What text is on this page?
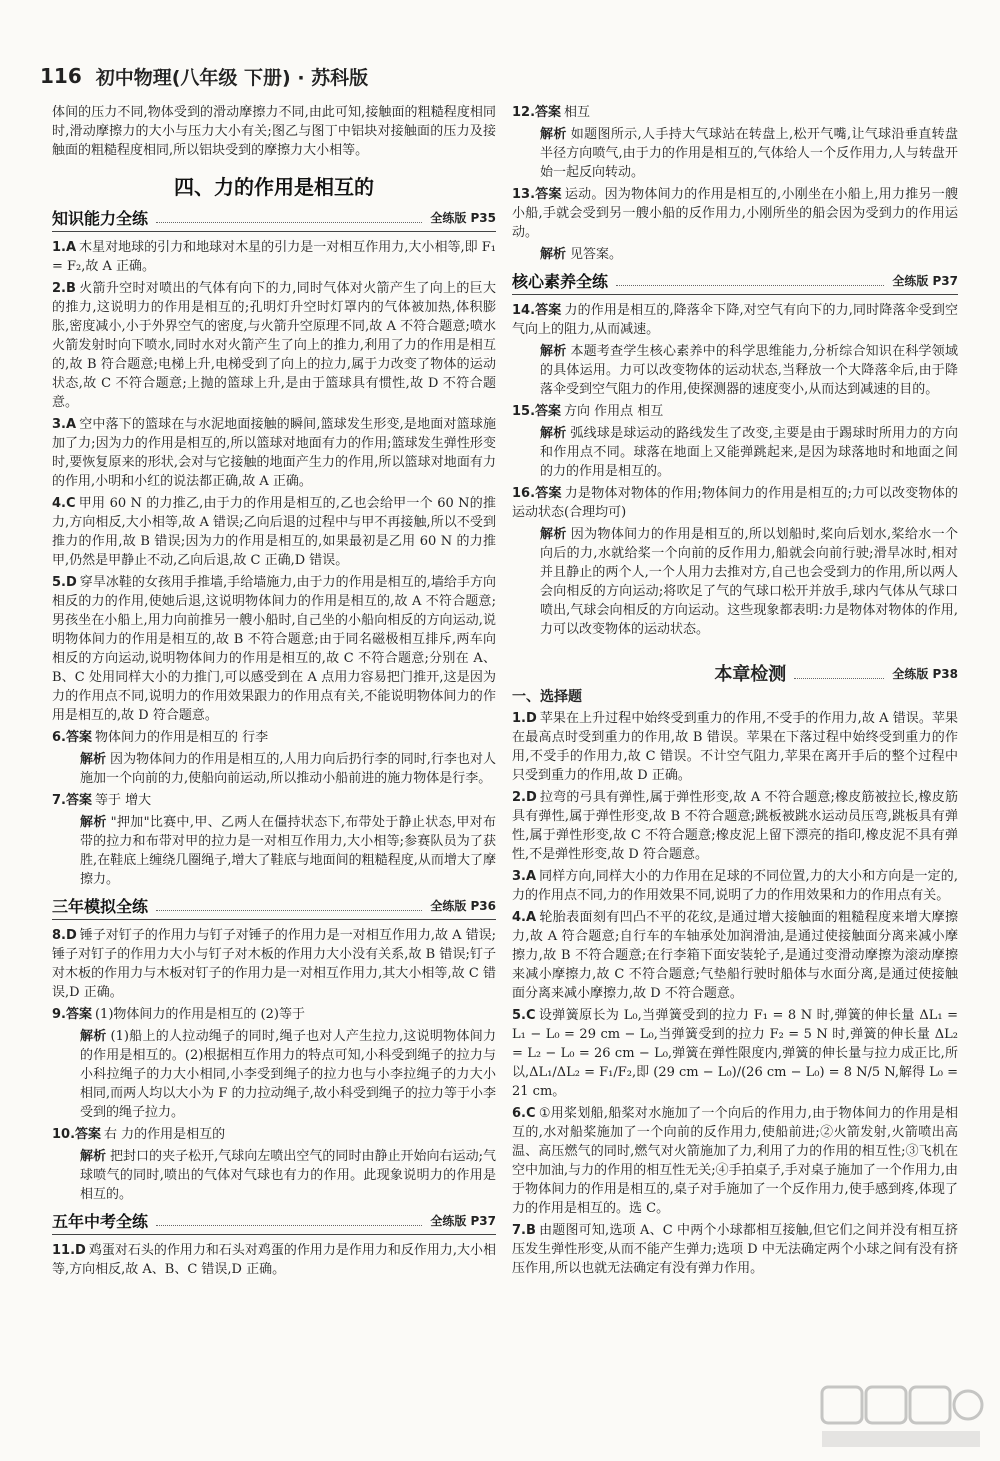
116 初中物理(八年级 下册) · 苏科版

体间的压力不同,物体受到的滑动摩擦力不同,由此可知,接触面的粗糙程度相同时,滑动摩擦力的大小与压力大小有关;图乙与图丁中铝块对接触面的压力及接触面的粗糙程度相同,所以铝块受到的摩擦力大小相等。

四、力的作用是相互的
知识能力全练	全练版 P35
1.A 木星对地球的引力和地球对木星的引力是一对相互作用力,大小相等,即 F₁ = F₂,故 A 正确。
2.B 火箭升空时对喷出的气体有向下的力,同时气体对火箭产生了向上的巨大的推力,这说明力的作用是相互的;孔明灯升空时灯罩内的气体被加热,体积膨胀,密度减小,小于外界空气的密度,与火箭升空原理不同,故 A 不符合题意;喷水火箭发射时向下喷水,同时水对火箭产生了向上的推力,利用了力的作用是相互的,故 B 符合题意;电梯上升,电梯受到了向上的拉力,属于力改变了物体的运动状态,故 C 不符合题意;上抛的篮球上升,是由于篮球具有惯性,故 D 不符合题意。
3.A 空中落下的篮球在与水泥地面接触的瞬间,篮球发生形变,是地面对篮球施加了力;因为力的作用是相互的,所以篮球对地面有力的作用;篮球发生弹性形变时,要恢复原来的形状,会对与它接触的地面产生力的作用,所以篮球对地面有力的作用,小明和小红的说法都正确,故 A 正确。
4.C 甲用 60 N 的力推乙,由于力的作用是相互的,乙也会给甲一个 60 N的推力,方向相反,大小相等,故 A 错误;乙向后退的过程中与甲不再接触,所以不受到推力的作用,故 B 错误;因为力的作用是相互的,如果最初是乙用 60 N 的力推甲,仍然是甲静止不动,乙向后退,故 C 正确,D 错误。
5.D 穿旱冰鞋的女孩用手推墙,手给墙施力,由于力的作用是相互的,墙给手方向相反的力的作用,使她后退,这说明物体间力的作用是相互的,故 A 不符合题意;男孩坐在小船上,用力向前推另一艘小船时,自己坐的小船向相反的方向运动,说明物体间力的作用是相互的,故 B 不符合题意;由于同名磁极相互排斥,两车向相反的方向运动,说明物体间力的作用是相互的,故 C 不符合题意;分别在 A、B、C 处用同样大小的力推门,可以感受到在 A 点用力容易把门推开,这是因为力的作用点不同,说明力的作用效果跟力的作用点有关,不能说明物体间力的作用是相互的,故 D 符合题意。
6.答案 物体间力的作用是相互的 行李
解析 因为物体间力的作用是相互的,人用力向后扔行李的同时,行李也对人施加一个向前的力,使船向前运动,所以推动小船前进的施力物体是行李。
7.答案 等于 增大
解析 "押加"比赛中,甲、乙两人在僵持状态下,布带处于静止状态,甲对布带的拉力和布带对甲的拉力是一对相互作用力,大小相等;参赛队员为了获胜,在鞋底上缠绕几圈绳子,增大了鞋底与地面间的粗糙程度,从而增大了摩擦力。
三年模拟全练	全练版 P36
8.D 锤子对钉子的作用力与钉子对锤子的作用力是一对相互作用力,故 A 错误;锤子对钉子的作用力大小与钉子对木板的作用力大小没有关系,故 B 错误;钉子对木板的作用力与木板对钉子的作用力是一对相互作用力,其大小相等,故 C 错误,D 正确。
9.答案 (1)物体间力的作用是相互的 (2)等于
解析 (1)船上的人拉动绳子的同时,绳子也对人产生拉力,这说明物体间力的作用是相互的。(2)根据相互作用力的特点可知,小科受到绳子的拉力与小科拉绳子的力大小相同,小李受到绳子的拉力也与小李拉绳子的力大小相同,而两人均以大小为 F 的力拉动绳子,故小科受到绳子的拉力等于小李受到的绳子拉力。
10.答案 右 力的作用是相互的
解析 把封口的夹子松开,气球向左喷出空气的同时由静止开始向右运动;气球喷气的同时,喷出的气体对气球也有力的作用。此现象说明力的作用是相互的。
五年中考全练	全练版 P37
11.D 鸡蛋对石头的作用力和石头对鸡蛋的作用力是作用力和反作用力,大小相等,方向相反,故 A、B、C 错误,D 正确。
12.答案 相互
解析 如题图所示,人手持大气球站在转盘上,松开气嘴,让气球沿垂直转盘半径方向喷气,由于力的作用是相互的,气体给人一个反作用力,人与转盘开始一起反向转动。
13.答案 运动。因为物体间力的作用是相互的,小刚坐在小船上,用力推另一艘小船,手就会受到另一艘小船的反作用力,小刚所坐的船会因为受到力的作用运动。
解析 见答案。
核心素养全练	全练版 P37
14.答案 力的作用是相互的,降落伞下降,对空气有向下的力,同时降落伞受到空气向上的阻力,从而减速。
解析 本题考查学生核心素养中的科学思维能力,分析综合知识在科学领域的具体运用。力可以改变物体的运动状态,当释放一个大降落伞后,由于降落伞受到空气阻力的作用,使探测器的速度变小,从而达到减速的目的。
15.答案 方向 作用点 相互
解析 弧线球是球运动的路线发生了改变,主要是由于踢球时所用力的方向和作用点不同。球落在地面上又能弹跳起来,是因为球落地时和地面之间的力的作用是相互的。
16.答案 力是物体对物体的作用;物体间力的作用是相互的;力可以改变物体的运动状态(合理均可)
解析 因为物体间力的作用是相互的,所以划船时,桨向后划水,桨给水一个向后的力,水就给桨一个向前的反作用力,船就会向前行驶;滑旱冰时,相对并且静止的两个人,一个人用力去推对方,自己也会受到力的作用,所以两人会向相反的方向运动;将吹足了气的气球口松开并放手,球内气体从气球口喷出,气球会向相反的方向运动。这些现象都表明:力是物体对物体的作用,力可以改变物体的运动状态。
本章检测	全练版 P38
一、选择题
1.D 苹果在上升过程中始终受到重力的作用,不受手的作用力,故 A 错误。苹果在最高点时受到重力的作用,故 B 错误。苹果在下落过程中始终受到重力的作用,不受手的作用力,故 C 错误。不计空气阻力,苹果在离开手后的整个过程中只受到重力的作用,故 D 正确。
2.D 拉弯的弓具有弹性,属于弹性形变,故 A 不符合题意;橡皮筋被拉长,橡皮筋具有弹性,属于弹性形变,故 B 不符合题意;跳板被跳水运动员压弯,跳板具有弹性,属于弹性形变,故 C 不符合题意;橡皮泥上留下漂亮的指印,橡皮泥不具有弹性,不是弹性形变,故 D 符合题意。
3.A 同样方向,同样大小的力作用在足球的不同位置,力的大小和方向是一定的,力的作用点不同,力的作用效果不同,说明了力的作用效果和力的作用点有关。
4.A 轮胎表面刻有凹凸不平的花纹,是通过增大接触面的粗糙程度来增大摩擦力,故 A 符合题意;自行车的车轴承处加润滑油,是通过使接触面分离来减小摩擦力,故 B 不符合题意;在行李箱下面安装轮子,是通过变滑动摩擦为滚动摩擦来减小摩擦力,故 C 不符合题意;气垫船行驶时船体与水面分离,是通过使接触面分离来减小摩擦力,故 D 不符合题意。
5.C 设弹簧原长为 L₀,当弹簧受到的拉力 F₁ = 8 N 时,弹簧的伸长量 ΔL₁ = L₁ − L₀ = 29 cm − L₀,当弹簧受到的拉力 F₂ = 5 N 时,弹簧的伸长量 ΔL₂ = L₂ − L₀ = 26 cm − L₀,弹簧在弹性限度内,弹簧的伸长量与拉力成正比,所以,ΔL₁/ΔL₂ = F₁/F₂,即 (29 cm − L₀)/(26 cm − L₀) = 8 N/5 N,解得 L₀ = 21 cm。
6.C ①用桨划船,船桨对水施加了一个向后的作用力,由于物体间力的作用是相互的,水对船桨施加了一个向前的反作用力,使船前进;②火箭发射,火箭喷出高温、高压燃气的同时,燃气对火箭施加了力,利用了力的作用的相互性;③飞机在空中加油,与力的作用的相互性无关;④手拍桌子,手对桌子施加了一个作用力,由于物体间力的作用是相互的,桌子对手施加了一个反作用力,使手感到疼,体现了力的作用是相互的。选 C。
7.B 由题图可知,选项 A、C 中两个小球都相互接触,但它们之间并没有相互挤压发生弹性形变,从而不能产生弹力;选项 D 中无法确定两个小球之间有没有挤压作用,所以也就无法确定有没有弹力作用。
